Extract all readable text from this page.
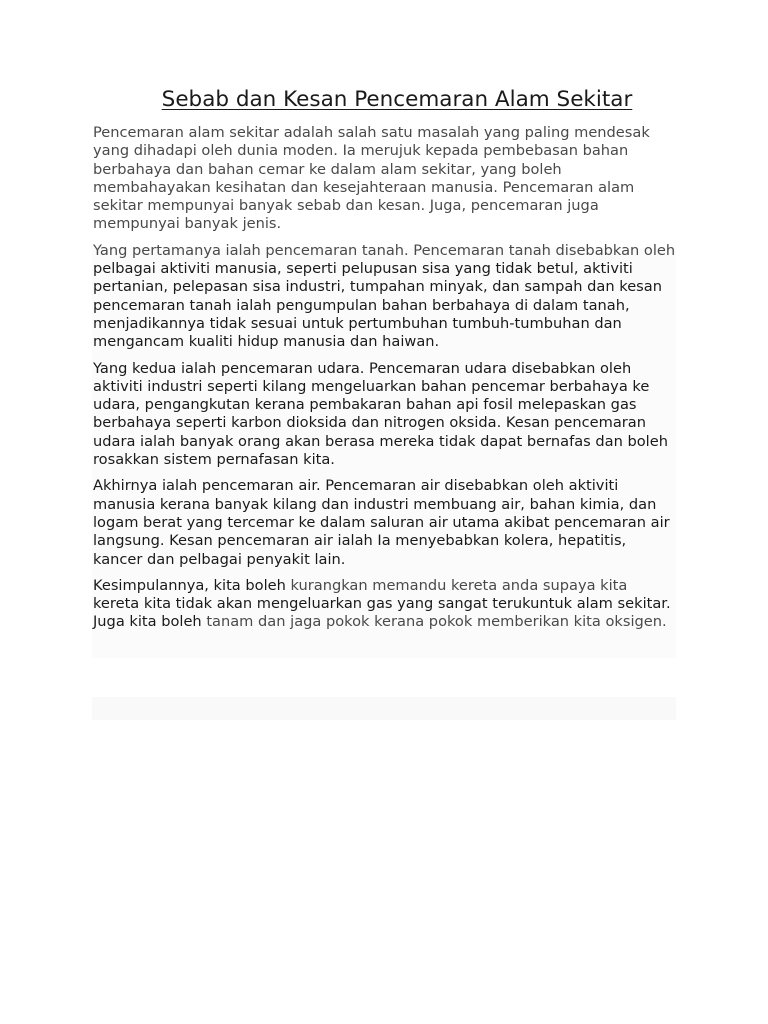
Sebab dan Kesan Pencemaran Alam Sekitar

Pencemaran alam sekitar adalah salah satu masalah yang paling mendesak yang dihadapi oleh dunia moden. Ia merujuk kepada pembebasan bahan berbahaya dan bahan cemar ke dalam alam sekitar, yang boleh membahayakan kesihatan dan kesejahteraan manusia. Pencemaran alam sekitar mempunyai banyak sebab dan kesan. Juga, pencemaran juga mempunyai banyak jenis.

Yang pertamanya ialah pencemaran tanah. Pencemaran tanah disebabkan oleh pelbagai aktiviti manusia, seperti pelupusan sisa yang tidak betul, aktiviti pertanian, pelepasan sisa industri, tumpahan minyak, dan sampah dan kesan pencemaran tanah ialah pengumpulan bahan berbahaya di dalam tanah, menjadikannya tidak sesuai untuk pertumbuhan tumbuh-tumbuhan dan mengancam kualiti hidup manusia dan haiwan.

Yang kedua ialah pencemaran udara. Pencemaran udara disebabkan oleh aktiviti industri seperti kilang mengeluarkan bahan pencemar berbahaya ke udara, pengangkutan kerana pembakaran bahan api fosil melepaskan gas berbahaya seperti karbon dioksida dan nitrogen oksida. Kesan pencemaran udara ialah banyak orang akan berasa mereka tidak dapat bernafas dan boleh rosakkan sistem pernafasan kita.

Akhirnya ialah pencemaran air. Pencemaran air disebabkan oleh aktiviti manusia kerana banyak kilang dan industri membuang air, bahan kimia, dan logam berat yang tercemar ke dalam saluran air utama akibat pencemaran air langsung. Kesan pencemaran air ialah Ia menyebabkan kolera, hepatitis, kancer dan pelbagai penyakit lain.

Kesimpulannya, kita boleh kurangkan memandu kereta anda supaya kita kereta kita tidak akan mengeluarkan gas yang sangat terukuntuk alam sekitar. Juga kita boleh tanam dan jaga pokok kerana pokok memberikan kita oksigen.
